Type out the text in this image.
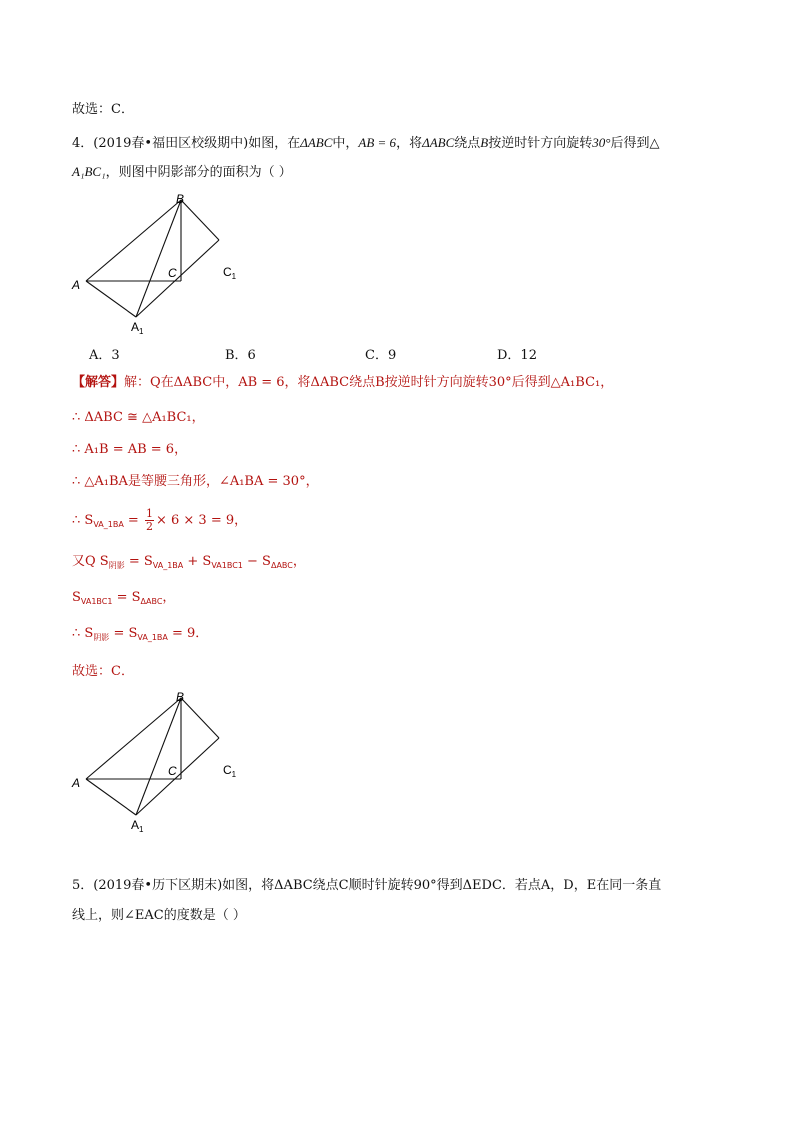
故选：C．
4．(2019春•福田区校级期中)如图，在ΔABC中，AB = 6，将ΔABC绕点B按逆时针方向旋转30°后得到△
A₁BC₁，则图中阴影部分的面积为（ ）
B
A
C	$C_1$
$A_1$
A．3	B．6	C．9	D．12
【解答】解：Q在ΔABC中，AB = 6，将ΔABC绕点B按逆时针方向旋转30°后得到△A₁BC₁，
∴ ΔABC ≅ △A₁BC₁，
∴ A₁B = AB = 6，
∴ △A₁BA是等腰三角形，∠A₁BA = 30°，
∴ $S_{VA\_1BA} = \frac{1}{2} \times 6 \times 3 = 9$，
又Q $S_{阴影} = S_{VA\_1BA} + S_{VA1BC1} - S_{\Delta ABC}$，
$S_{VA1BC1} = S_{\Delta ABC}$，
∴ $S_{阴影} = S_{VA\_1BA} = 9$．
故选：C．
B
A
C	$C_1$
$A_1$
5．(2019春•历下区期末)如图，将ΔABC绕点C顺时针旋转90°得到ΔEDC．若点A，D，E在同一条直
线上，则∠EAC的度数是（ ）
